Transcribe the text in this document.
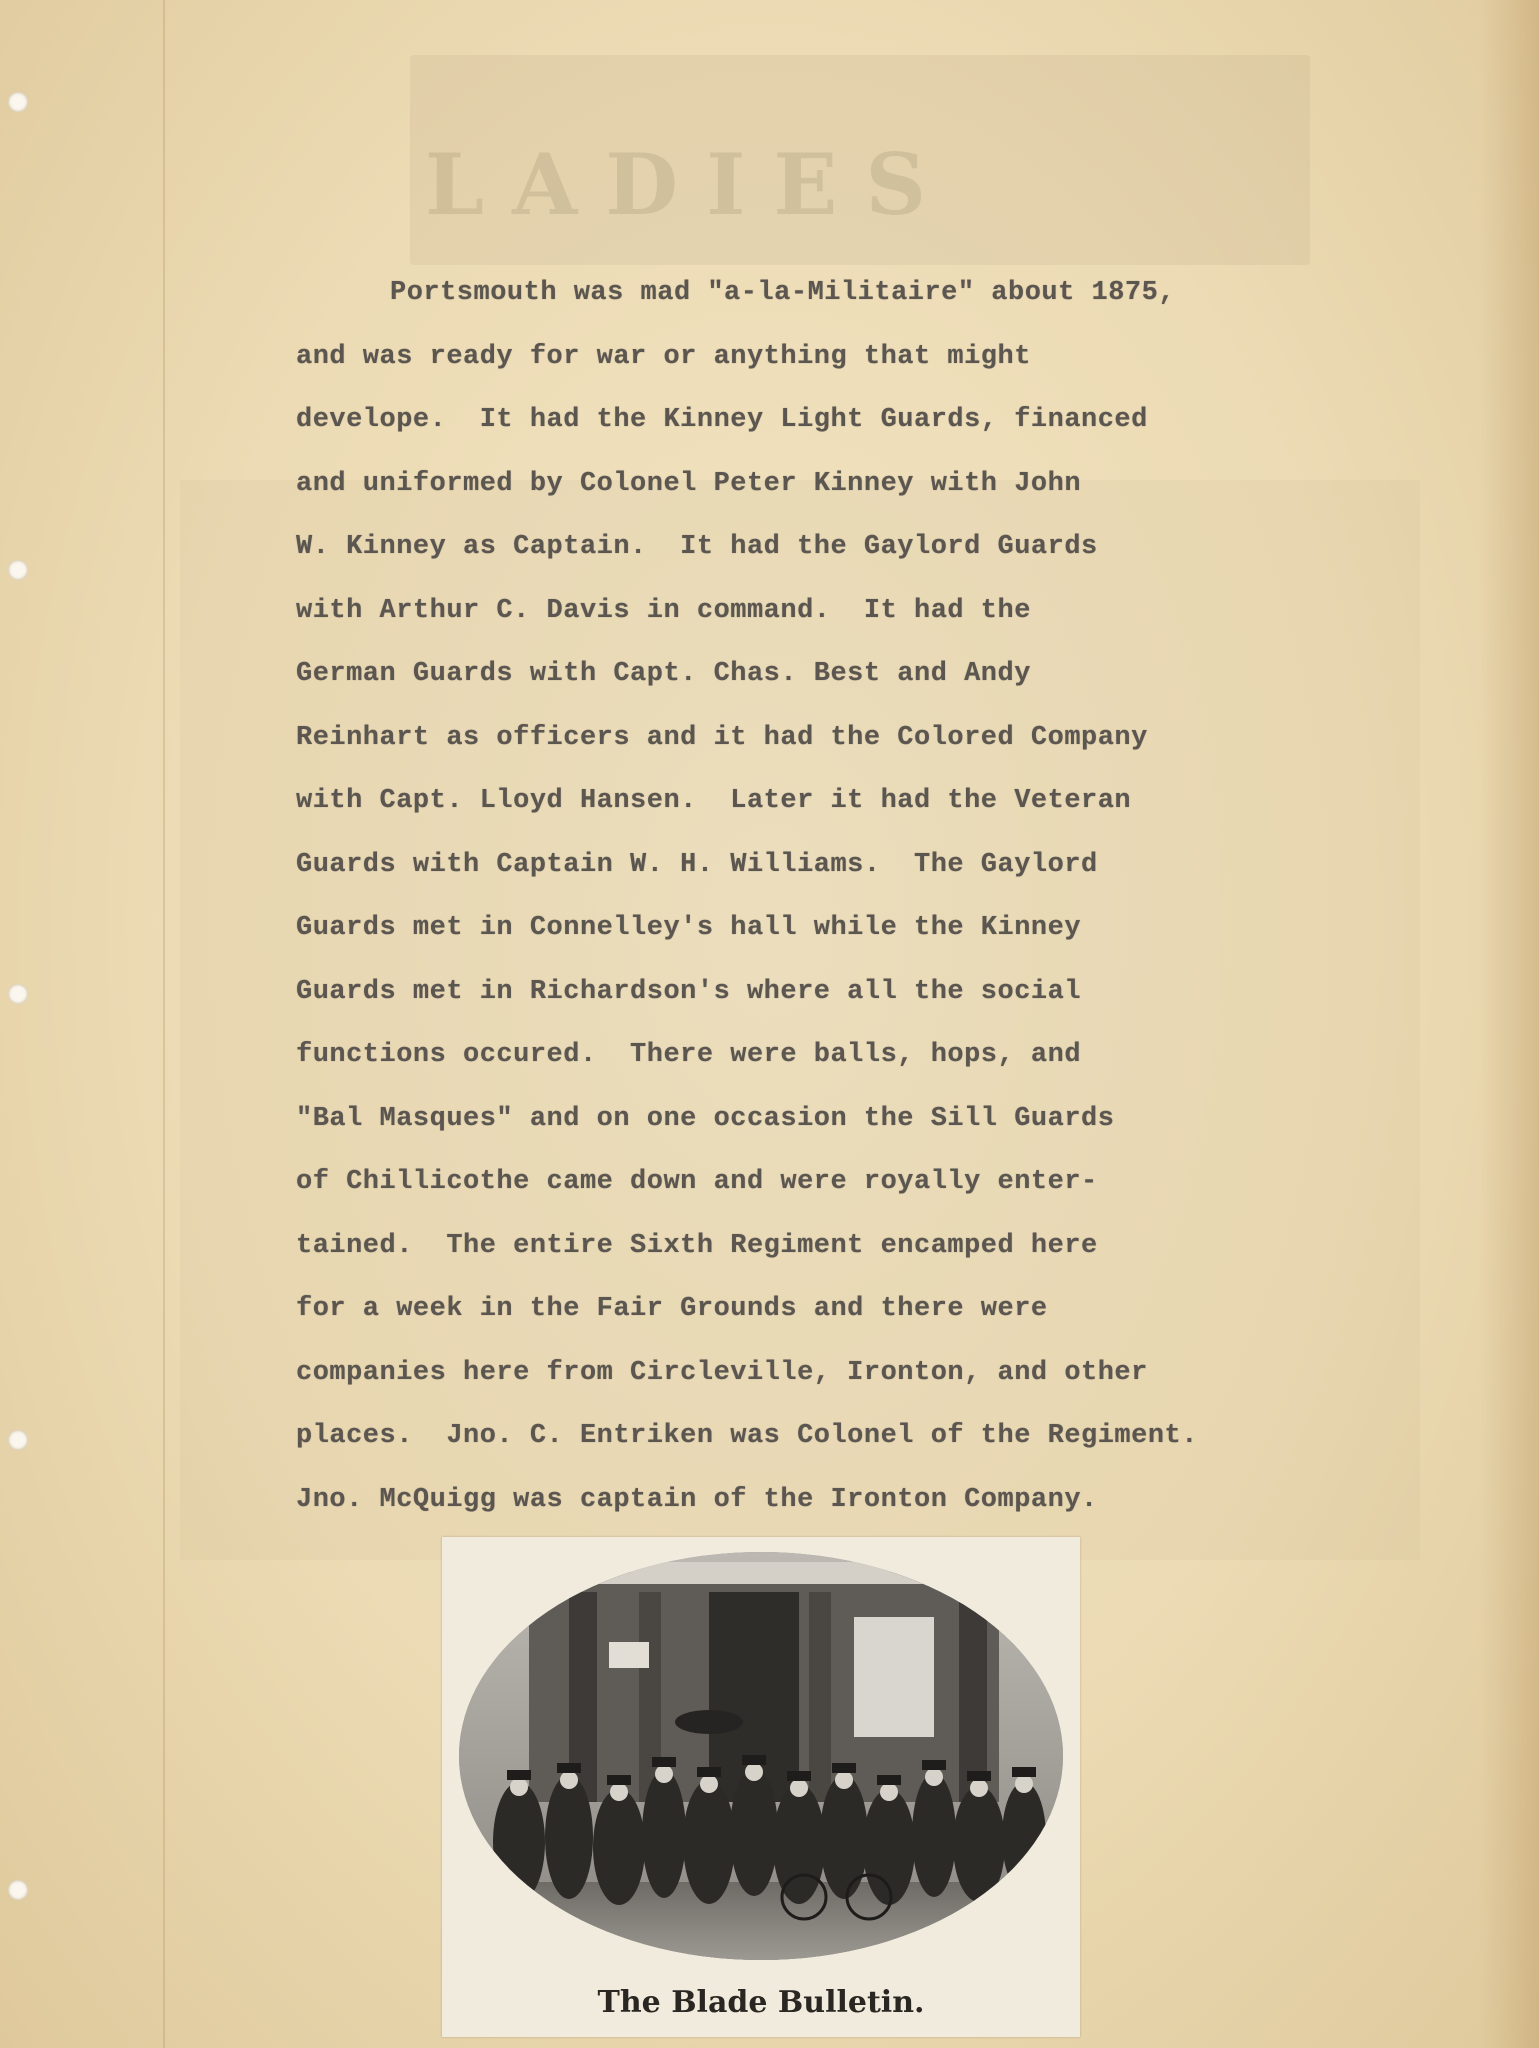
LADIES
Portsmouth was mad "a-la-Militaire" about 1875,
and was ready for war or anything that might
develope.  It had the Kinney Light Guards, financed
and uniformed by Colonel Peter Kinney with John
W. Kinney as Captain.  It had the Gaylord Guards
with Arthur C. Davis in command.  It had the
German Guards with Capt. Chas. Best and Andy
Reinhart as officers and it had the Colored Company
with Capt. Lloyd Hansen.  Later it had the Veteran
Guards with Captain W. H. Williams.  The Gaylord
Guards met in Connelley's hall while the Kinney
Guards met in Richardson's where all the social
functions occured.  There were balls, hops, and
"Bal Masques" and on one occasion the Sill Guards
of Chillicothe came down and were royally enter-
tained.  The entire Sixth Regiment encamped here
for a week in the Fair Grounds and there were
companies here from Circleville, Ironton, and other
places.  Jno. C. Entriken was Colonel of the Regiment.
Jno. McQuigg was captain of the Ironton Company.
The Blade Bulletin.
